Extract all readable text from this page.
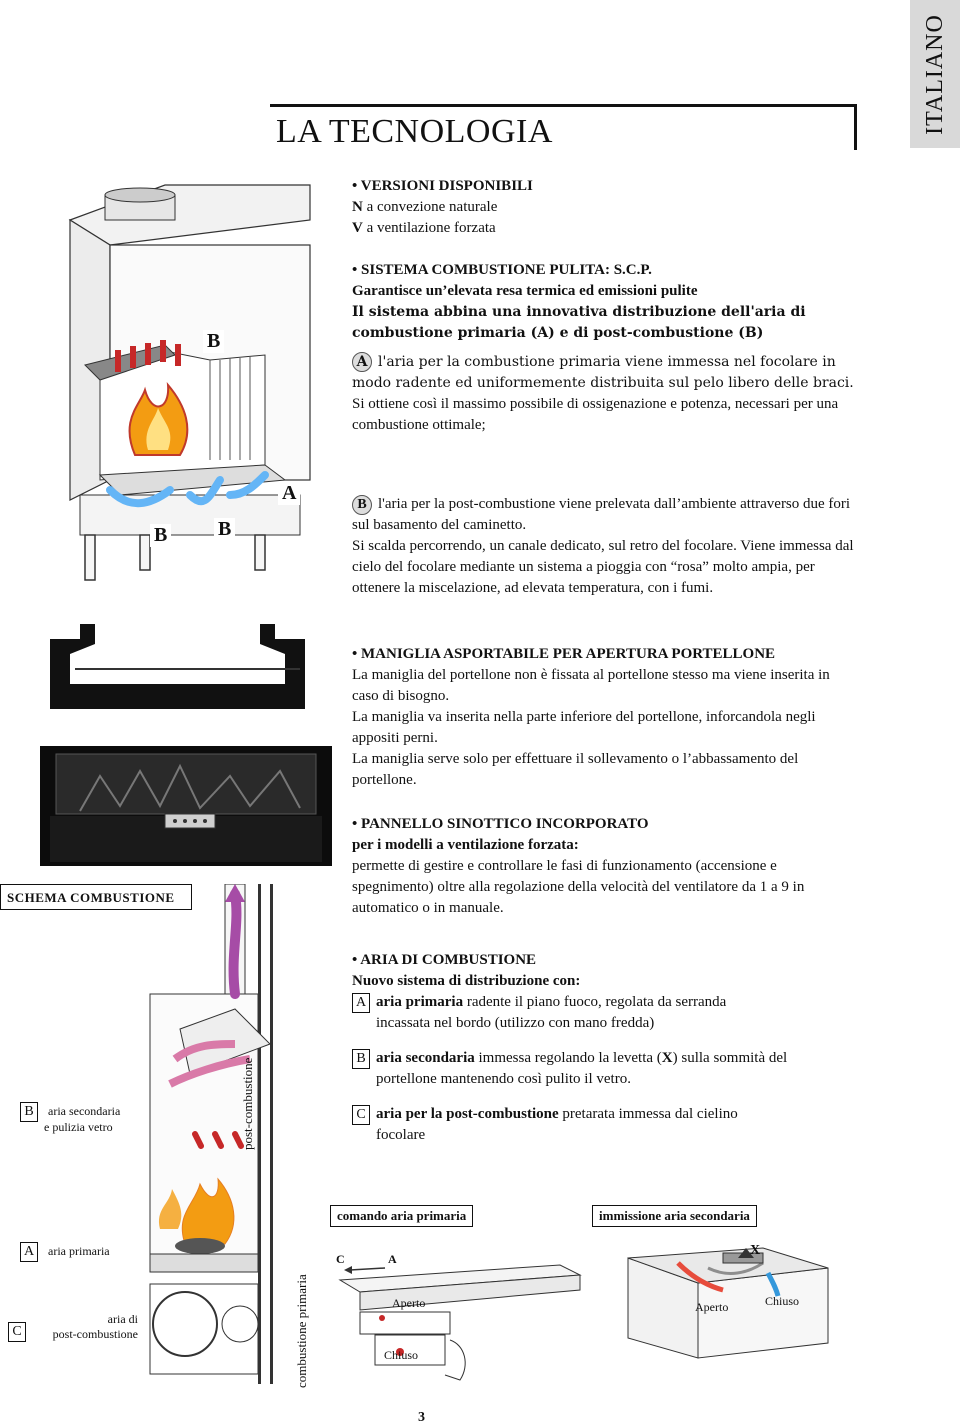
ITALIANO
LA TECNOLOGIA
B
A
B	B

• VERSIONI DISPONIBILI

N a convezione naturale

V a ventilazione forzata

• SISTEMA COMBUSTIONE PULITA: S.C.P.

Garantisce un’elevata resa termica ed emissioni pulite

Il sistema abbina una innovativa distribuzione dell'aria di combustione primaria (A) e di post-combustione (B)

A l'aria per la combustione primaria viene immessa nel focolare in modo radente ed uniformemente distribuita sul pelo libero delle braci.

Si ottiene così il massimo possibile di ossigenazione e potenza, necessari per una combustione ottimale;

B l'aria per la post-combustione viene prelevata dall’ambiente attraverso due fori sul basamento del caminetto.

Si scalda percorrendo, un canale dedicato, sul retro del focolare. Viene immessa dal cielo del focolare mediante un sistema a pioggia con “rosa” molto ampia, per ottenere la miscelazione, ad elevata temperatura, con i fumi.

• MANIGLIA ASPORTABILE PER APERTURA PORTELLONE

La maniglia del portellone non è fissata al portellone stesso ma viene inserita in caso di bisogno.

La maniglia va inserita nella parte inferiore del portellone, inforcandola negli appositi perni.

La maniglia serve solo per effettuare il sollevamento o l’abbassamento del portellone.

• PANNELLO SINOTTICO INCORPORATO

per i modelli a ventilazione forzata:

permette di gestire e controllare le fasi di funzionamento (accensione e spegnimento) oltre alla regolazione della velocità del ventilatore da 1 a 9 in automatico o in manuale.

• ARIA DI COMBUSTIONE

Nuovo sistema di distribuzione con:

A aria primaria radente il piano fuoco, regolata da serranda

incassata nel bordo (utilizzo con mano fredda)

B aria secondaria immessa regolando la levetta (X) sulla sommità del

portellone mantenendo così pulito il vetro.

C aria per la post-combustione pretarata immessa dal cielino

focolare

SCHEMA COMBUSTIONE
B aria secondaria
e pulizia vetro
A aria primaria
C
aria di
post-combustione
post-combustione
combustione primaria
comando aria primaria	immissione aria secondaria
C	A
Aperto
Chiuso
X
Aperto	Chiuso
3
